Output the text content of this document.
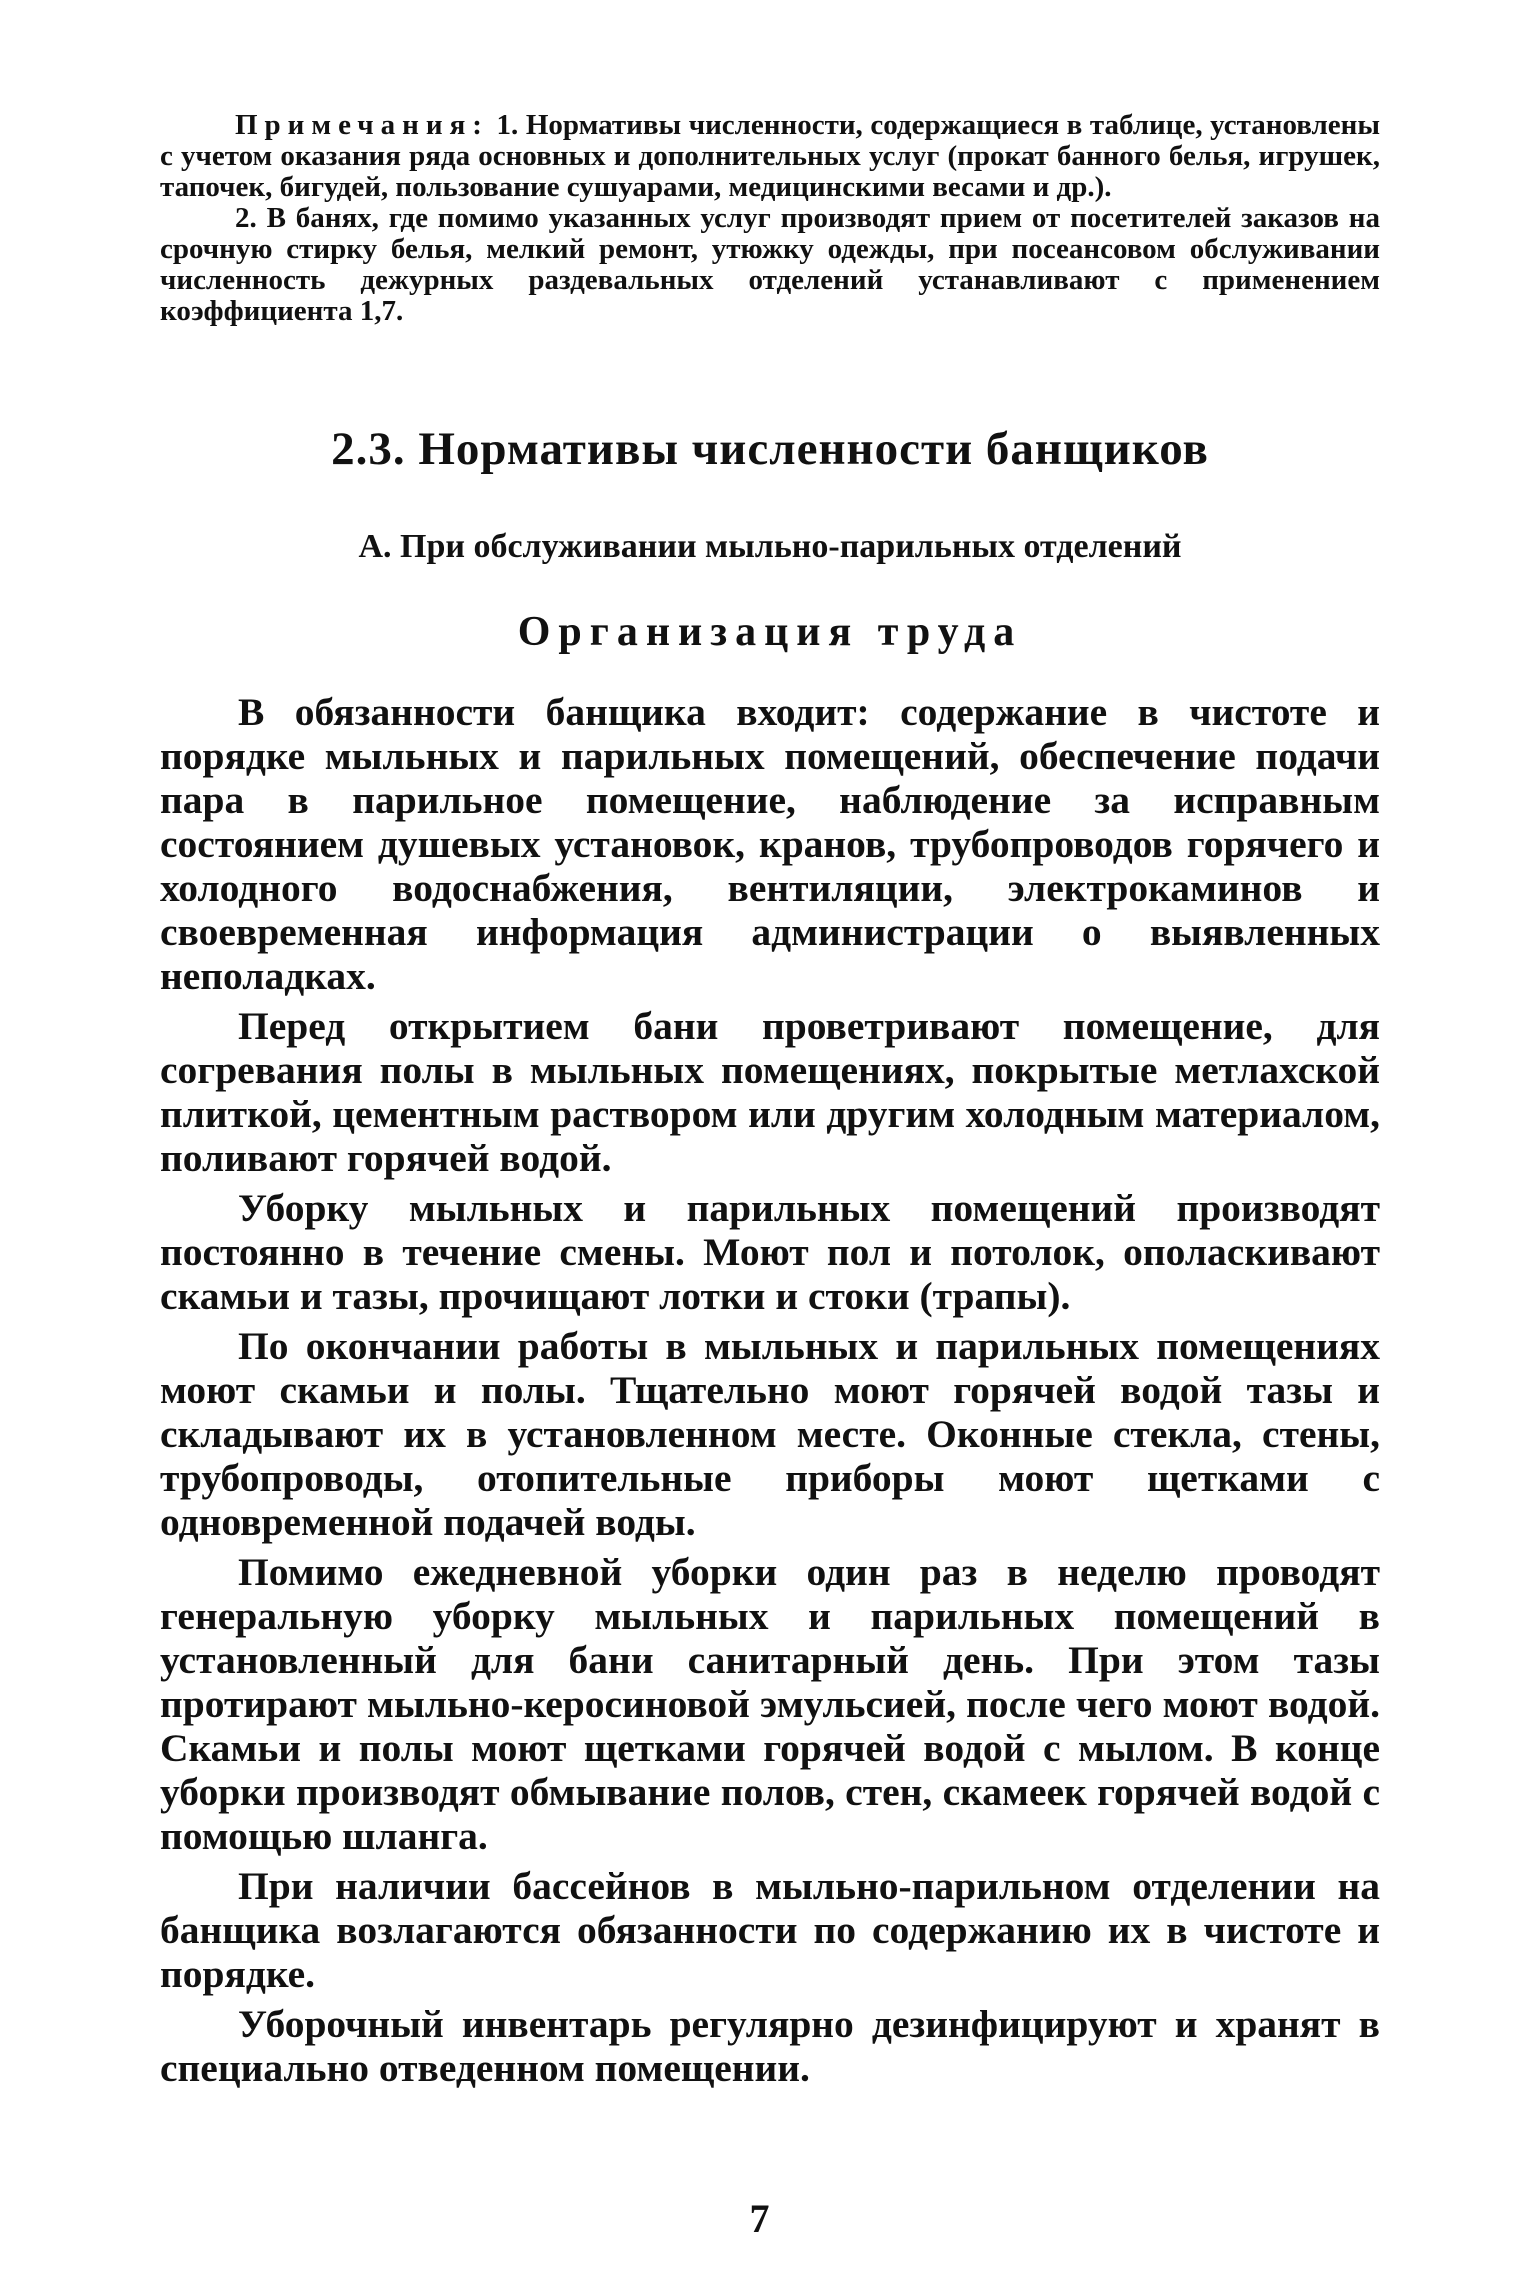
Примечания: 1. Нормативы численности, содержащиеся в таблице, установлены с учетом оказания ряда основных и дополнительных услуг (прокат банного белья, игрушек, тапочек, бигудей, пользование сушуарами, медицинскими весами и др.).

2. В банях, где помимо указанных услуг производят прием от посетителей заказов на срочную стирку белья, мелкий ремонт, утюжку одежды, при посеансовом обслуживании численность дежурных раздевальных отделений устанавливают с применением коэффициента 1,7.

2.3. Нормативы численности банщиков
А. При обслуживании мыльно-парильных отделений
Организация труда

В обязанности банщика входит: содержание в чистоте и порядке мыльных и парильных помещений, обеспечение подачи пара в парильное помещение, наблюдение за исправным состоянием душевых установок, кранов, трубопроводов горячего и холодного водоснабжения, вентиляции, электрокаминов и своевременная информация администрации о выявленных неполадках.

Перед открытием бани проветривают помещение, для согревания полы в мыльных помещениях, покрытые метлахской плиткой, цементным раствором или другим холодным материалом, поливают горячей водой.

Уборку мыльных и парильных помещений производят постоянно в течение смены. Моют пол и потолок, ополаскивают скамьи и тазы, прочищают лотки и стоки (трапы).

По окончании работы в мыльных и парильных помещениях моют скамьи и полы. Тщательно моют горячей водой тазы и складывают их в установленном месте. Оконные стекла, стены, трубопроводы, отопительные приборы моют щетками с одновременной подачей воды.

Помимо ежедневной уборки один раз в неделю проводят генеральную уборку мыльных и парильных помещений в установленный для бани санитарный день. При этом тазы протирают мыльно-керосиновой эмульсией, после чего моют водой. Скамьи и полы моют щетками горячей водой с мылом. В конце уборки производят обмывание полов, стен, скамеек горячей водой с помощью шланга.

При наличии бассейнов в мыльно-парильном отделении на банщика возлагаются обязанности по содержанию их в чистоте и порядке.

Уборочный инвентарь регулярно дезинфицируют и хранят в специально отведенном помещении.

7
